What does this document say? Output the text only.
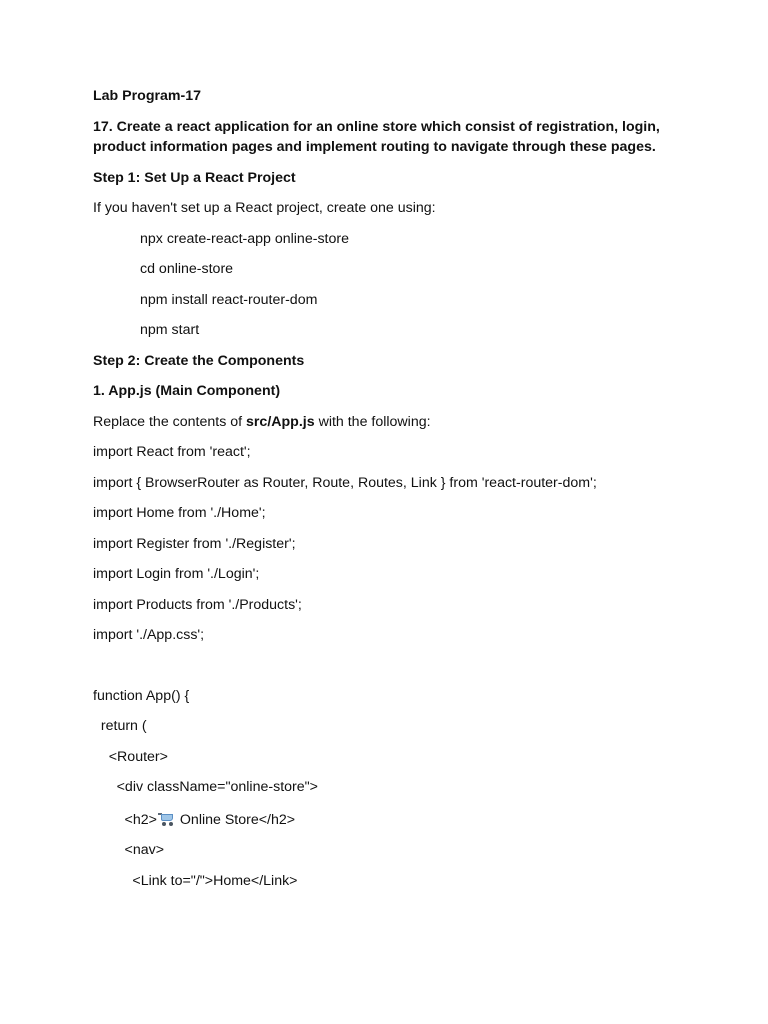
Lab Program-17

17. Create a react application for an online store which consist of registration, login, product information pages and implement routing to navigate through these pages.

Step 1: Set Up a React Project

If you haven't set up a React project, create one using:

npx create-react-app online-store

cd online-store

npm install react-router-dom

npm start

Step 2: Create the Components

1. App.js (Main Component)

Replace the contents of src/App.js with the following:

import React from 'react';

import { BrowserRouter as Router, Route, Routes, Link } from 'react-router-dom';

import Home from './Home';

import Register from './Register';

import Login from './Login';

import Products from './Products';

import './App.css';

function App() {

return (

<Router>

<div className="online-store">

<h2> Online Store</h2>

<nav>

<Link to="/">Home</Link>
